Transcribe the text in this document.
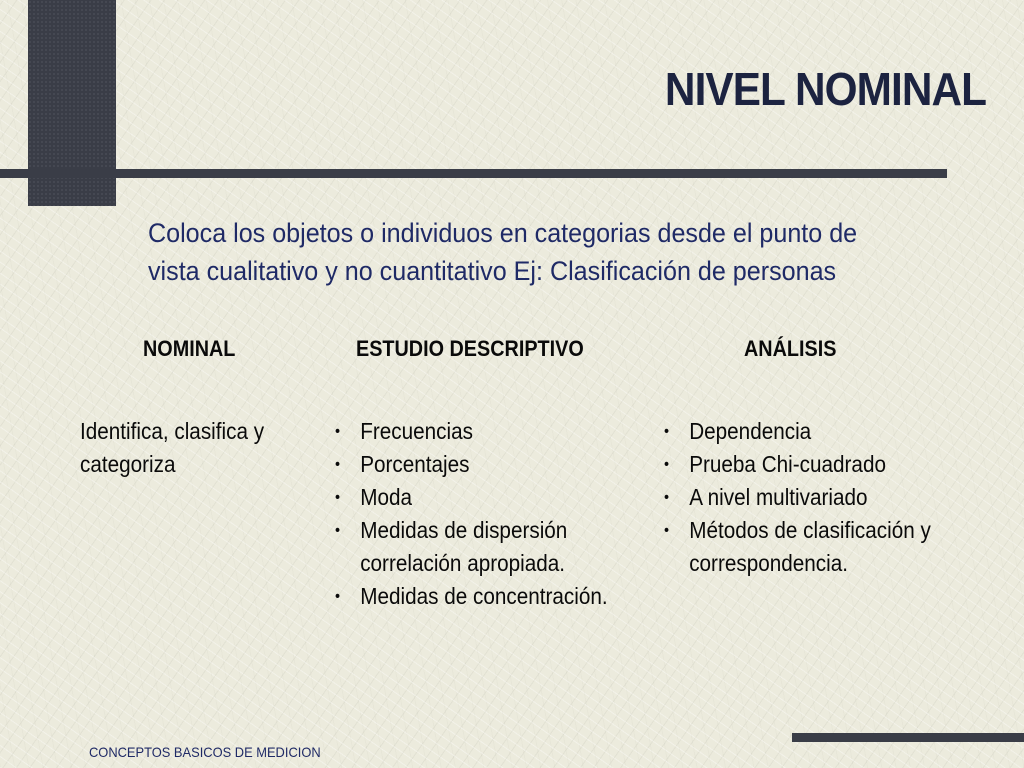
NIVEL NOMINAL

Coloca los objetos o individuos en categorias desde el punto de vista cualitativo y no cuantitativo Ej: Clasificación de personas

NOMINAL	ESTUDIO DESCRIPTIVO	ANÁLISIS

Identifica, clasifica y categoriza

• Frecuencias
• Porcentajes
• Moda
• Medidas de dispersión correlación apropiada.
• Medidas de concentración.
• Dependencia
• Prueba Chi-cuadrado
• A nivel multivariado
• Métodos de clasificación y correspondencia.

CONCEPTOS BASICOS DE MEDICION
